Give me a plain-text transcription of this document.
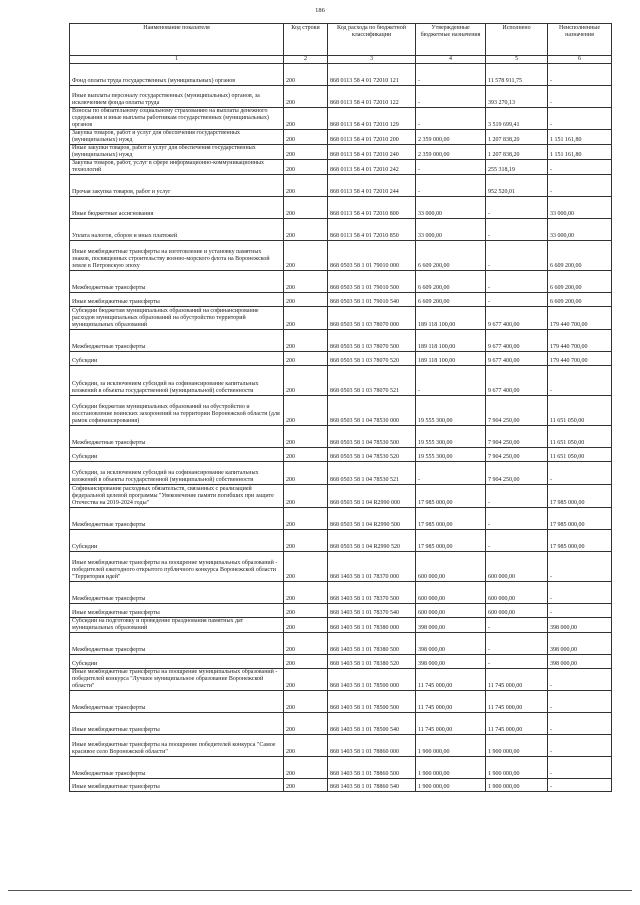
186
Наименование показателя	Код строки	Код расхода по бюджетной классификации	Утвержденные бюджетные назначения	Исполнено	Неисполненные назначения
1	2	3	4	5	6
Фонд оплаты труда государственных (муниципальных) органов	200	868 0113 58 4 01 72010 121	-	11 578 911,75	-
Иные выплаты персоналу государственных (муниципальных) органов, за исключением фонда оплаты труда	200	868 0113 58 4 01 72010 122	-	393 270,13	-
Взносы по обязательному социальному страхованию на выплаты денежного содержания и иные выплаты работникам государственных (муниципальных) органов	200	868 0113 58 4 01 72010 129	-	3 519 699,41	-
Закупка товаров, работ и услуг для обеспечения государственных (муниципальных) нужд	200	868 0113 58 4 01 72010 200	2 359 000,00	1 207 838,20	1 151 161,80
Иные закупки товаров, работ и услуг для обеспечения государственных (муниципальных) нужд	200	868 0113 58 4 01 72010 240	2 359 000,00	1 207 838,20	1 151 161,80
Закупка товаров, работ, услуг в сфере информационно-коммуникационных технологий	200	868 0113 58 4 01 72010 242	-	255 318,19	-
Прочая закупка товаров, работ и услуг	200	868 0113 58 4 01 72010 244	-	952 520,01	-
Иные бюджетные ассигнования	200	868 0113 58 4 01 72010 800	33 000,00	-	33 000,00
Уплата налогов, сборов и иных платежей	200	868 0113 58 4 01 72010 850	33 000,00	-	33 000,00
Иные межбюджетные трансферты на изготовление и установку памятных знаков, посвященных строительству военно-морского флота на Воронежской земле в Петровскую эпоху	200	868 0503 58 1 01 79010 000	6 609 200,00	-	6 609 200,00
Межбюджетные трансферты	200	868 0503 58 1 01 79010 500	6 609 200,00	-	6 609 200,00
Иные межбюджетные трансферты	200	868 0503 58 1 01 79010 540	6 609 200,00	-	6 609 200,00
Субсидии бюджетам муниципальных образований на софинансирование расходов муниципальных образований на обустройство территорий муниципальных образований	200	868 0503 58 1 03 78070 000	189 118 100,00	9 677 400,00	179 440 700,00
Межбюджетные трансферты	200	868 0503 58 1 03 78070 500	189 118 100,00	9 677 400,00	179 440 700,00
Субсидии	200	868 0503 58 1 03 78070 520	189 118 100,00	9 677 400,00	179 440 700,00
Субсидии, за исключением субсидий на софинансирование капитальных вложений в объекты государственной (муниципальной) собственности	200	868 0503 58 1 03 78070 521	-	9 677 400,00	-
Субсидии бюджетам муниципальных образований на обустройство и восстановление воинских захоронений на территории Воронежской области (для рамок софинансирования)	200	868 0503 58 1 04 78530 000	19 555 300,00	7 904 250,00	11 651 050,00
Межбюджетные трансферты	200	868 0503 58 1 04 78530 500	19 555 300,00	7 904 250,00	11 651 050,00
Субсидии	200	868 0503 58 1 04 78530 520	19 555 300,00	7 904 250,00	11 651 050,00
Субсидии, за исключением субсидий на софинансирование капитальных вложений в объекты государственной (муниципальной) собственности	200	868 0503 58 1 04 78530 521	-	7 904 250,00	-
Софинансирование расходных обязательств, связанных с реализацией федеральной целевой программы "Увековечение памяти погибших при защите Отечества на 2019-2024 годы"	200	868 0503 58 1 04 R2990 000	17 985 000,00	-	17 985 000,00
Межбюджетные трансферты	200	868 0503 58 1 04 R2990 500	17 985 000,00	-	17 985 000,00
Субсидии	200	868 0503 58 1 04 R2990 520	17 985 000,00	-	17 985 000,00
Иные межбюджетные трансферты на поощрение муниципальных образований - победителей ежегодного открытого публичного конкурса Воронежской области "Территория идей"	200	868 1403 58 1 01 78370 000	600 000,00	600 000,00	-
Межбюджетные трансферты	200	868 1403 58 1 01 78370 500	600 000,00	600 000,00	-
Иные межбюджетные трансферты	200	868 1403 58 1 01 78370 540	600 000,00	600 000,00	-
Субсидии на подготовку и проведение празднования памятных дат муниципальных образований	200	868 1403 58 1 01 78380 000	398 000,00	-	398 000,00
Межбюджетные трансферты	200	868 1403 58 1 01 78380 500	398 000,00	-	398 000,00
Субсидии	200	868 1403 58 1 01 78380 520	398 000,00	-	398 000,00
Иные межбюджетные трансферты на поощрение муниципальных образований - победителей конкурса "Лучшее муниципальное образование Воронежской области"	200	868 1403 58 1 01 78500 000	11 745 000,00	11 745 000,00	-
Межбюджетные трансферты	200	868 1403 58 1 01 78500 500	11 745 000,00	11 745 000,00	-
Иные межбюджетные трансферты	200	868 1403 58 1 01 78500 540	11 745 000,00	11 745 000,00	-
Иные межбюджетные трансферты на поощрение победителей конкурса "Самое красивое село Воронежской области"	200	868 1403 58 1 01 78860 000	1 900 000,00	1 900 000,00	-
Межбюджетные трансферты	200	868 1403 58 1 01 78860 500	1 900 000,00	1 900 000,00	-
Иные межбюджетные трансферты	200	868 1403 58 1 01 78860 540	1 900 000,00	1 900 000,00	-
